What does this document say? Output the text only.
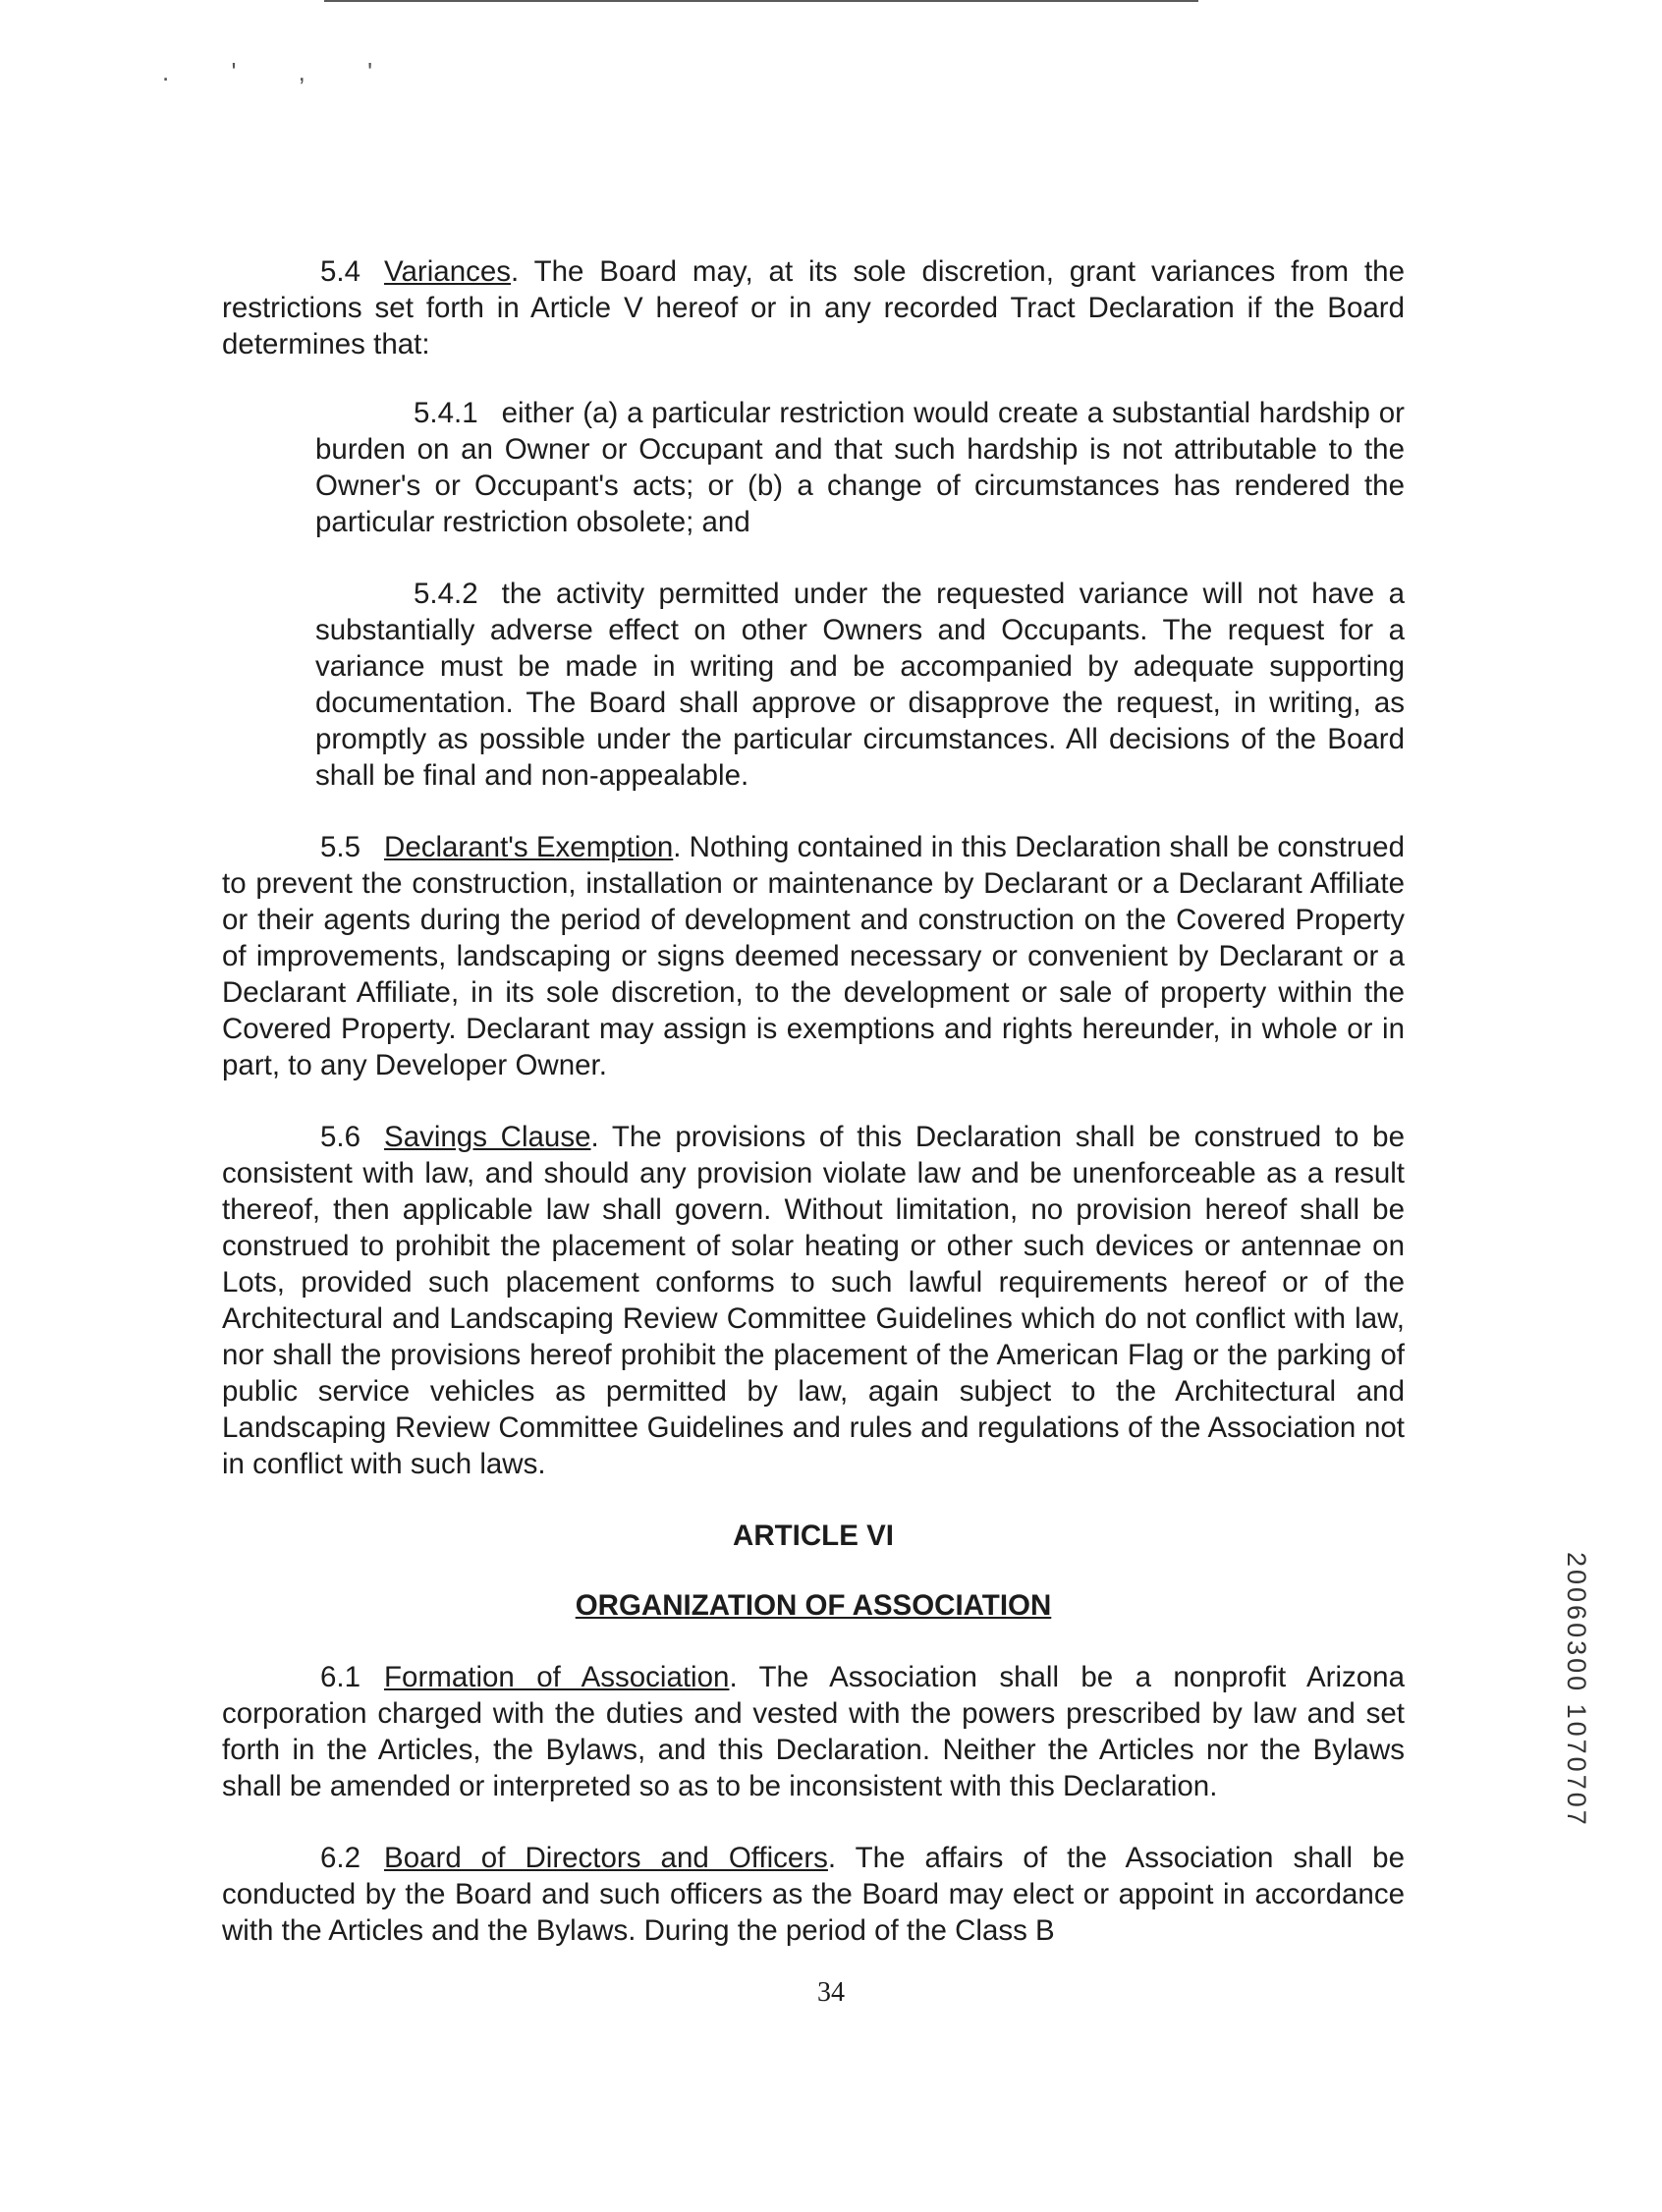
. ' , '

5.4 Variances. The Board may, at its sole discretion, grant variances from the restrictions set forth in Article V hereof or in any recorded Tract Declaration if the Board determines that:

5.4.1 either (a) a particular restriction would create a substantial hardship or burden on an Owner or Occupant and that such hardship is not attributable to the Owner's or Occupant's acts; or (b) a change of circumstances has rendered the particular restriction obsolete; and

5.4.2 the activity permitted under the requested variance will not have a substantially adverse effect on other Owners and Occupants. The request for a variance must be made in writing and be accompanied by adequate supporting documentation. The Board shall approve or disapprove the request, in writing, as promptly as possible under the particular circumstances. All decisions of the Board shall be final and non-appealable.

5.5 Declarant's Exemption. Nothing contained in this Declaration shall be construed to prevent the construction, installation or maintenance by Declarant or a Declarant Affiliate or their agents during the period of development and construction on the Covered Property of improvements, landscaping or signs deemed necessary or convenient by Declarant or a Declarant Affiliate, in its sole discretion, to the development or sale of property within the Covered Property. Declarant may assign is exemptions and rights hereunder, in whole or in part, to any Developer Owner.

5.6 Savings Clause. The provisions of this Declaration shall be construed to be consistent with law, and should any provision violate law and be unenforceable as a result thereof, then applicable law shall govern. Without limitation, no provision hereof shall be construed to prohibit the placement of solar heating or other such devices or antennae on Lots, provided such placement conforms to such lawful requirements hereof or of the Architectural and Landscaping Review Committee Guidelines which do not conflict with law, nor shall the provisions hereof prohibit the placement of the American Flag or the parking of public service vehicles as permitted by law, again subject to the Architectural and Landscaping Review Committee Guidelines and rules and regulations of the Association not in conflict with such laws.

ARTICLE VI

ORGANIZATION OF ASSOCIATION

6.1 Formation of Association. The Association shall be a nonprofit Arizona corporation charged with the duties and vested with the powers prescribed by law and set forth in the Articles, the Bylaws, and this Declaration. Neither the Articles nor the Bylaws shall be amended or interpreted so as to be inconsistent with this Declaration.

6.2 Board of Directors and Officers. The affairs of the Association shall be conducted by the Board and such officers as the Board may elect or appoint in accordance with the Articles and the Bylaws. During the period of the Class B

34
20060300 1070707
